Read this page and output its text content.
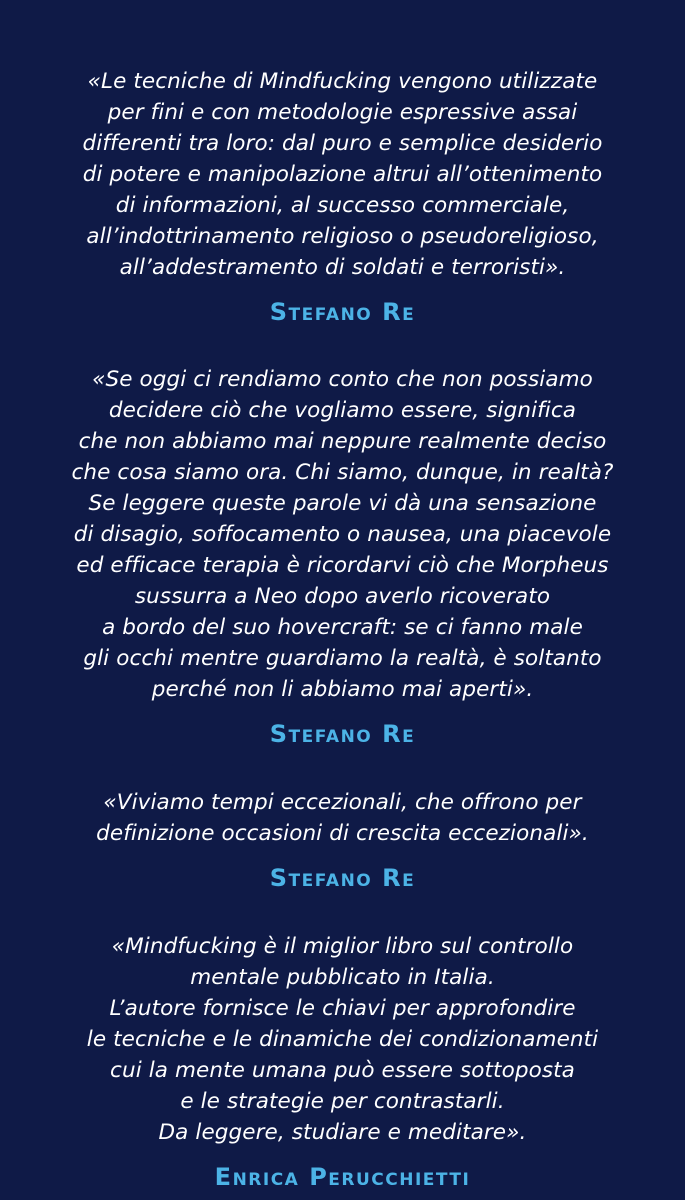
«Le tecniche di Mindfucking vengono utilizzate
per fini e con metodologie espressive assai
differenti tra loro: dal puro e semplice desiderio
di potere e manipolazione altrui all’ottenimento
di informazioni, al successo commerciale,
all’indottrinamento religioso o pseudoreligioso,
all’addestramento di soldati e terroristi».

Stefano Re

«Se oggi ci rendiamo conto che non possiamo
decidere ciò che vogliamo essere, significa
che non abbiamo mai neppure realmente deciso
che cosa siamo ora. Chi siamo, dunque, in realtà?
Se leggere queste parole vi dà una sensazione
di disagio, soffocamento o nausea, una piacevole
ed efficace terapia è ricordarvi ciò che Morpheus
sussurra a Neo dopo averlo ricoverato
a bordo del suo hovercraft: se ci fanno male
gli occhi mentre guardiamo la realtà, è soltanto
perché non li abbiamo mai aperti».

Stefano Re

«Viviamo tempi eccezionali, che offrono per
definizione occasioni di crescita eccezionali».

Stefano Re

«Mindfucking è il miglior libro sul controllo
mentale pubblicato in Italia.
L’autore fornisce le chiavi per approfondire
le tecniche e le dinamiche dei condizionamenti
cui la mente umana può essere sottoposta
e le strategie per contrastarli.
Da leggere, studiare e meditare».

Enrica Perucchietti
